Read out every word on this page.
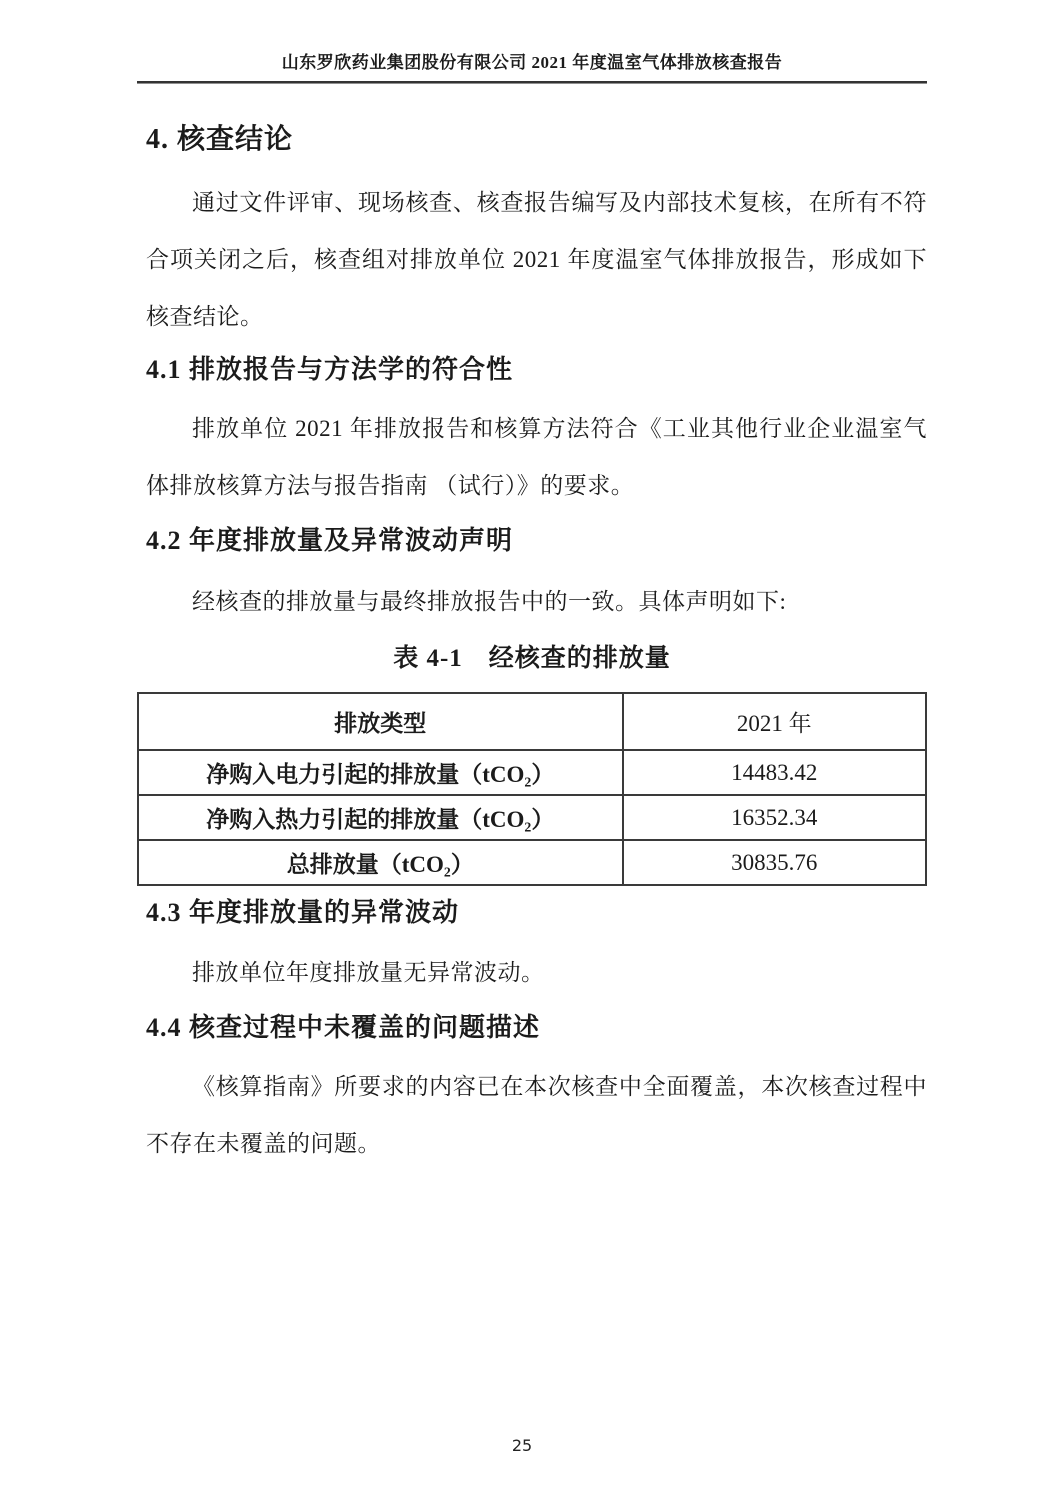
山东罗欣药业集团股份有限公司 2021 年度温室气体排放核查报告
4. 核查结论

通过文件评审、现场核查、核查报告编写及内部技术复核，在所有不符合项关闭之后，核查组对排放单位 2021 年度温室气体排放报告，形成如下核查结论。

4.1 排放报告与方法学的符合性

排放单位 2021 年排放报告和核算方法符合《工业其他行业企业温室气体排放核算方法与报告指南 （试行）》的要求。

4.2 年度排放量及异常波动声明

经核查的排放量与最终排放报告中的一致。具体声明如下:

表 4-1　经核查的排放量
排放类型	2021 年
净购入电力引起的排放量（tCO₂）	14483.42
净购入热力引起的排放量（tCO₂）	16352.34
总排放量（tCO₂）	30835.76
4.3 年度排放量的异常波动

排放单位年度排放量无异常波动。

4.4 核查过程中未覆盖的问题描述

《核算指南》所要求的内容已在本次核查中全面覆盖，本次核查过程中不存在未覆盖的问题。

25
